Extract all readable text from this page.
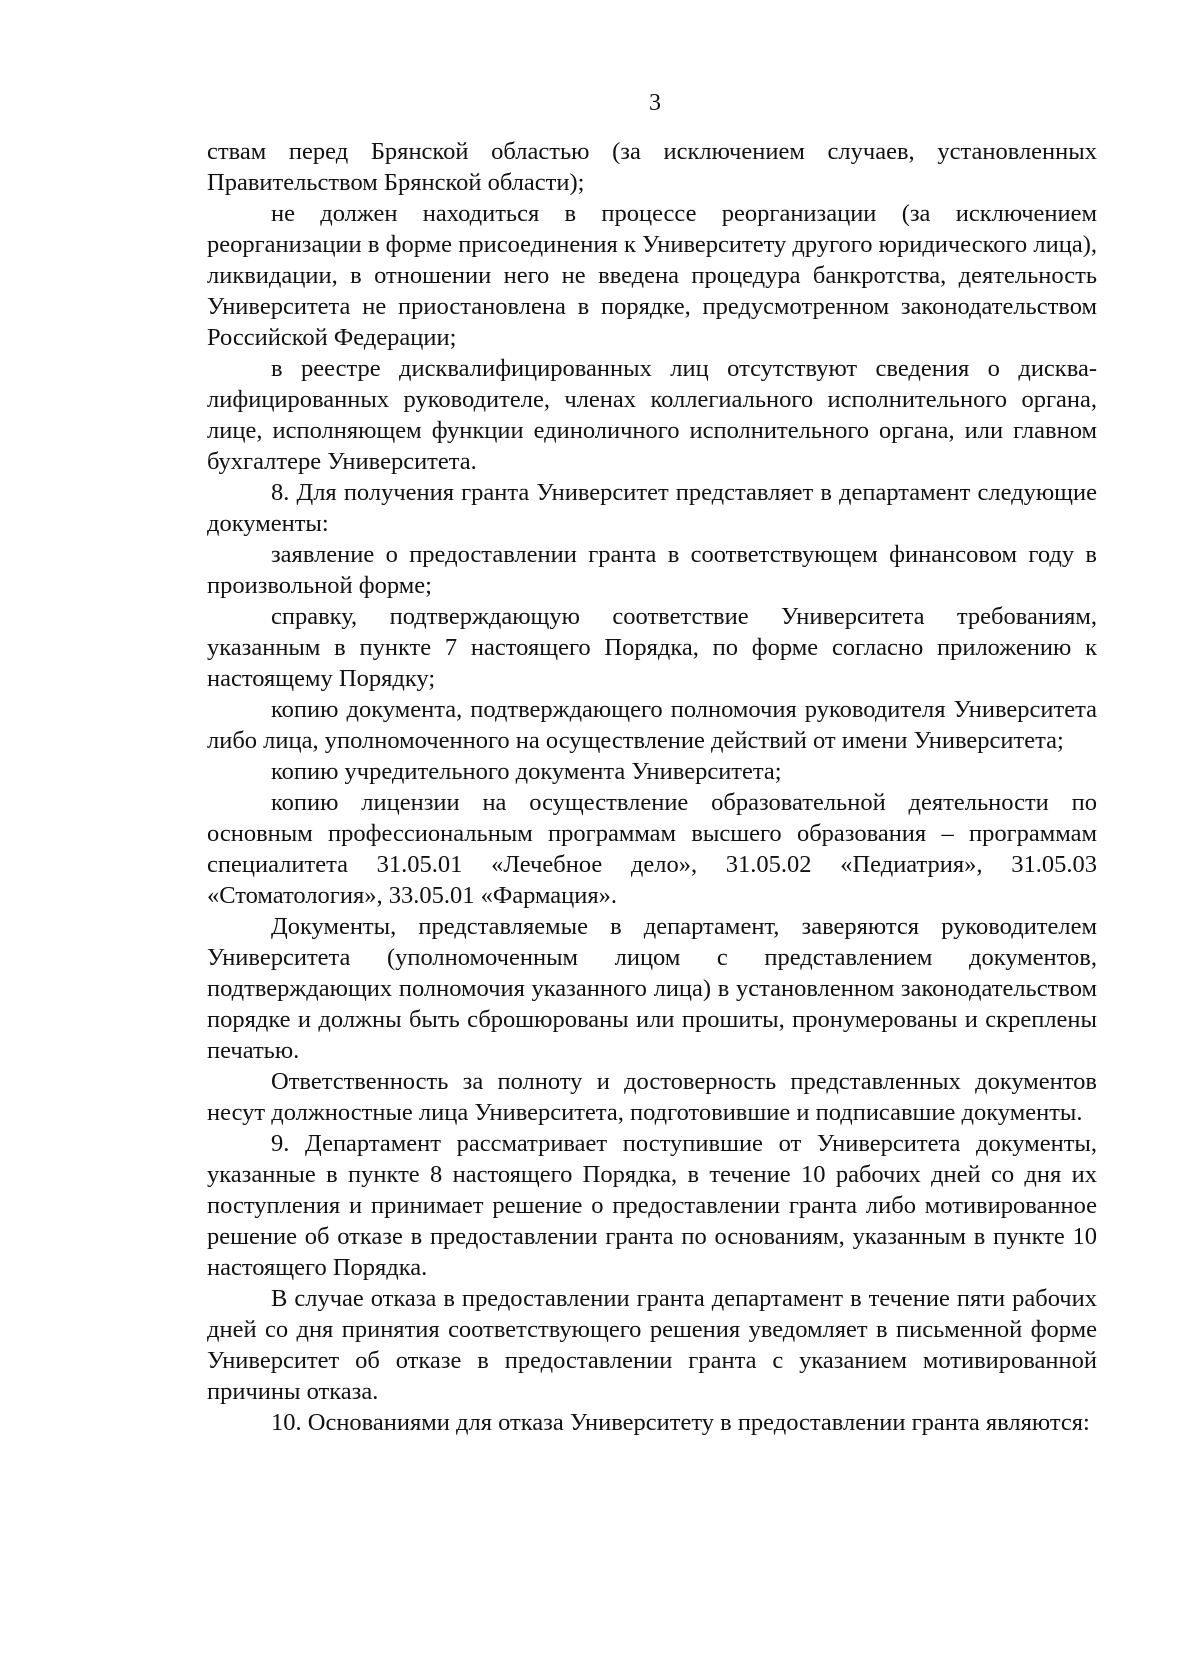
3

ствам перед Брянской областью (за исключением случаев, установленных Правительством Брянской области);

не должен находиться в процессе реорганизации (за исключением реорганизации в форме присоединения к Университету другого юридического лица), ликвидации, в отношении него не введена процедура банкротства, деятельность Университета не приостановлена в порядке, предусмотренном законодательством Российской Федерации;

в реестре дисквалифицированных лиц отсутствуют сведения о дисква-лифицированных руководителе, членах коллегиального исполнительного органа, лице, исполняющем функции единоличного исполнительного органа, или главном бухгалтере Университета.

8. Для получения гранта Университет представляет в департамент следующие документы:

заявление о предоставлении гранта в соответствующем финансовом году в произвольной форме;

справку, подтверждающую соответствие Университета требованиям, указанным в пункте 7 настоящего Порядка, по форме согласно приложению к настоящему Порядку;

копию документа, подтверждающего полномочия руководителя Университета либо лица, уполномоченного на осуществление действий от имени Университета;

копию учредительного документа Университета;

копию лицензии на осуществление образовательной деятельности по основным профессиональным программам высшего образования – программам специалитета 31.05.01 «Лечебное дело», 31.05.02 «Педиатрия», 31.05.03 «Стоматология», 33.05.01 «Фармация».

Документы, представляемые в департамент, заверяются руководителем Университета (уполномоченным лицом с представлением документов, подтверждающих полномочия указанного лица) в установленном законодательством порядке и должны быть сброшюрованы или прошиты, пронумерованы и скреплены печатью.

Ответственность за полноту и достоверность представленных документов несут должностные лица Университета, подготовившие и подписавшие документы.

9. Департамент рассматривает поступившие от Университета документы, указанные в пункте 8 настоящего Порядка, в течение 10 рабочих дней со дня их поступления и принимает решение о предоставлении гранта либо мотивированное решение об отказе в предоставлении гранта по основаниям, указанным в пункте 10 настоящего Порядка.

В случае отказа в предоставлении гранта департамент в течение пяти рабочих дней со дня принятия соответствующего решения уведомляет в письменной форме Университет об отказе в предоставлении гранта с указанием мотивированной причины отказа.

10. Основаниями для отказа Университету в предоставлении гранта являются:
